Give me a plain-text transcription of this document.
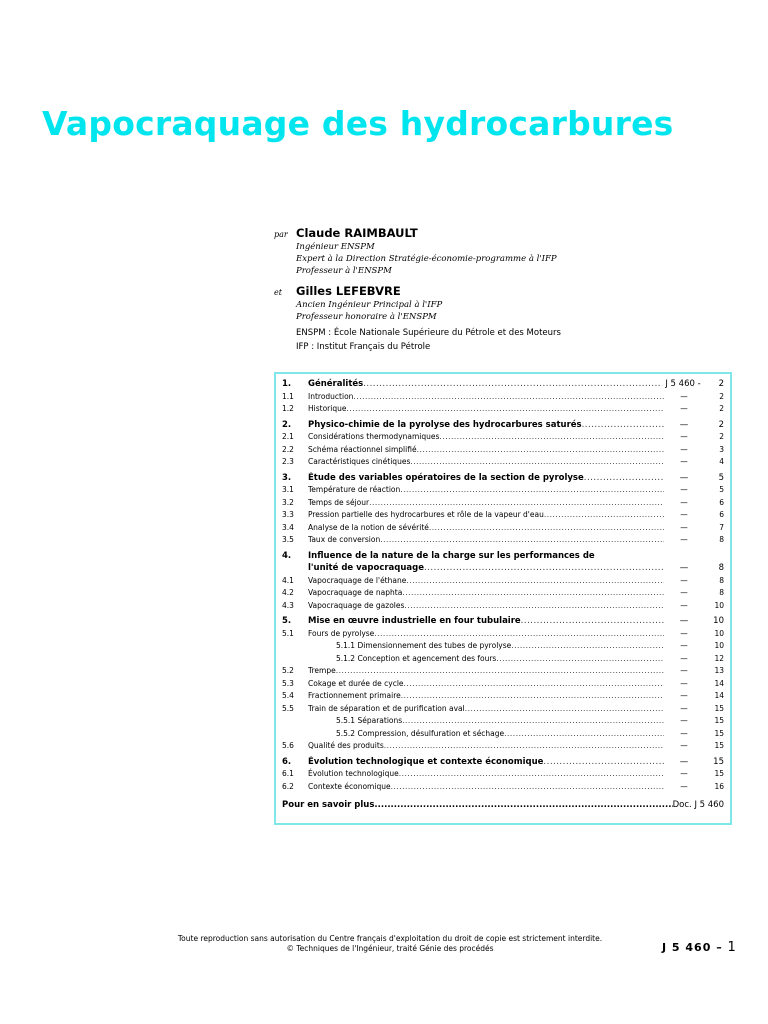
Vapocraquage des hydrocarbures
par Claude RAIMBAULT
Ingénieur ENSPM
Expert à la Direction Stratégie-économie-programme à l'IFP
Professeur à l'ENSPM
et Gilles LEFEBVRE
Ancien Ingénieur Principal à l'IFP
Professeur honoraire à l'ENSPM
ENSPM : École Nationale Supérieure du Pétrole et des Moteurs
IFP : Institut Français du Pétrole
1.	Généralités .....	J 5 460 -	2
1.1	Introduction .....	—	2
1.2	Historique .....	—	2
2.	Physico-chimie de la pyrolyse des hydrocarbures saturés .....	—	2
2.1	Considérations thermodynamiques .....	—	2
2.2	Schéma réactionnel simplifié .....	—	3
2.3	Caractéristiques cinétiques .....	—	4
3.	Étude des variables opératoires de la section de pyrolyse .....	—	5
3.1	Température de réaction .....	—	5
3.2	Temps de séjour .....	—	6
3.3	Pression partielle des hydrocarbures et rôle de la vapeur d'eau .....	—	6
3.4	Analyse de la notion de sévérité .....	—	7
3.5	Taux de conversion .....	—	8
4.	Influence de la nature de la charge sur les performances de
l'unité de vapocraquage .....	—	8
4.1	Vapocraquage de l'éthane .....	—	8
4.2	Vapocraquage de naphta .....	—	8
4.3	Vapocraquage de gazoles .....	—	10
5.	Mise en œuvre industrielle en four tubulaire .....	—	10
5.1	Fours de pyrolyse .....	—	10
5.1.1 Dimensionnement des tubes de pyrolyse .....	—	10
5.1.2 Conception et agencement des fours .....	—	12
5.2	Trempe .....	—	13
5.3	Cokage et durée de cycle .....	—	14
5.4	Fractionnement primaire .....	—	14
5.5	Train de séparation et de purification aval .....	—	15
5.5.1 Séparations .....	—	15
5.5.2 Compression, désulfuration et séchage .....	—	15
5.6	Qualité des produits .....	—	15
6.	Évolution technologique et contexte économique .....	—	15
6.1	Évolution technologique .....	—	15
6.2	Contexte économique .....	—	16
Pour en savoir plus .....	Doc. J 5 460
Toute reproduction sans autorisation du Centre français d'exploitation du droit de copie est strictement interdite.
© Techniques de l'Ingénieur, traité Génie des procédés	J 5 460 – 1
